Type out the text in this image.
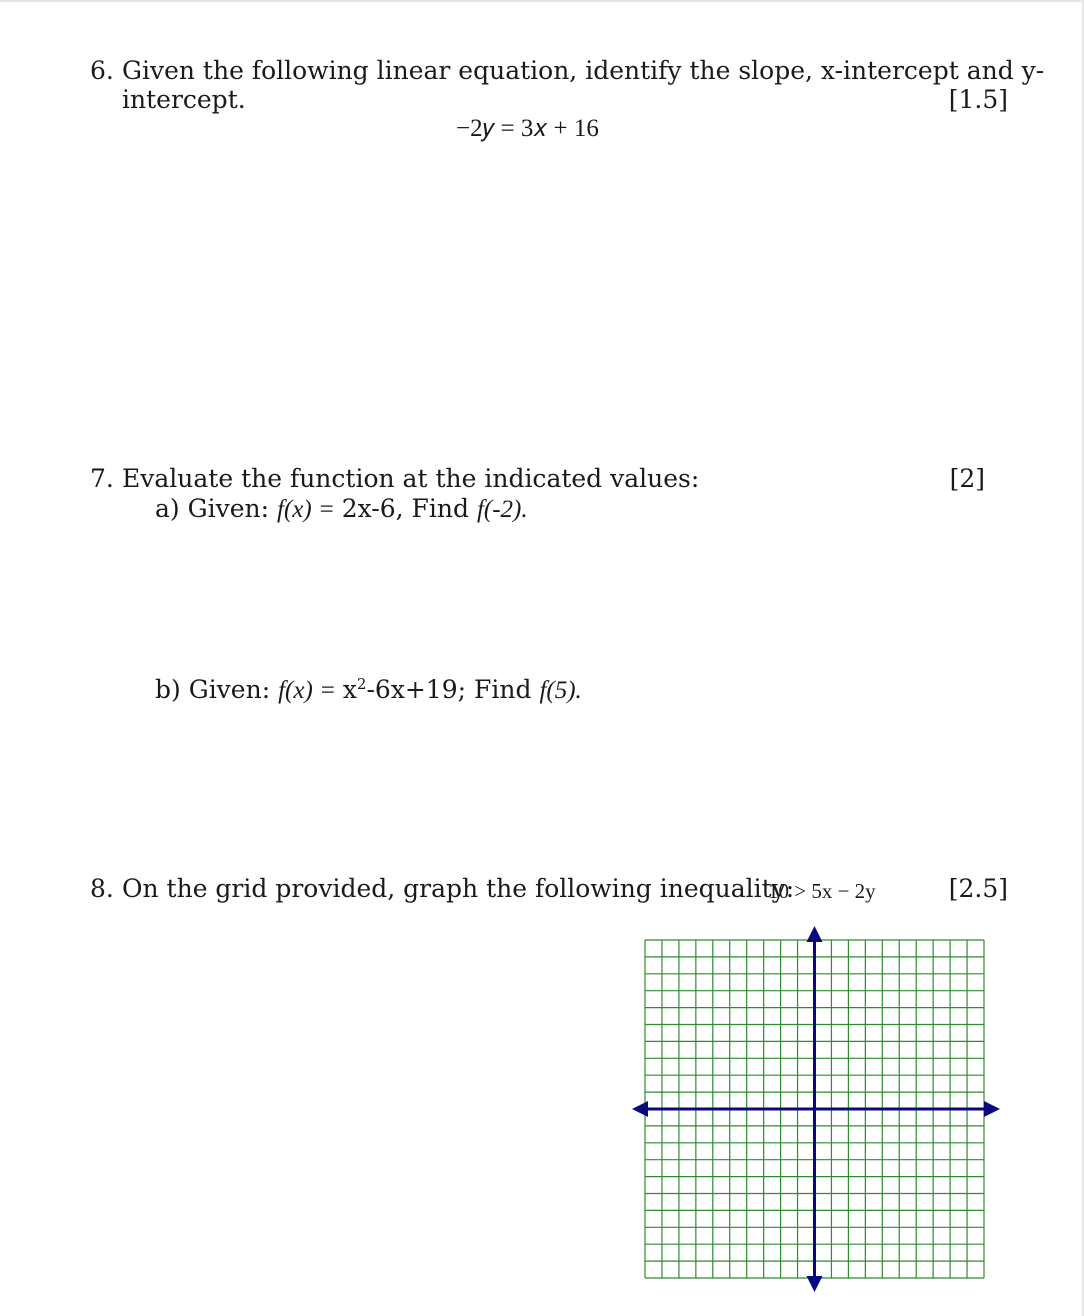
6. Given the following linear equation, identify the slope, x-intercept and y-
intercept.	[1.5]
−2𝑦 = 3𝑥 + 16
7. Evaluate the function at the indicated values:	[2]
a) Given: f(x) = 2x-6, Find f(-2).
b) Given: $f(x) = x^2-6x+19$; Find f(5).
8. On the grid provided, graph the following inequality:
10 > 5x − 2y	[2.5]
